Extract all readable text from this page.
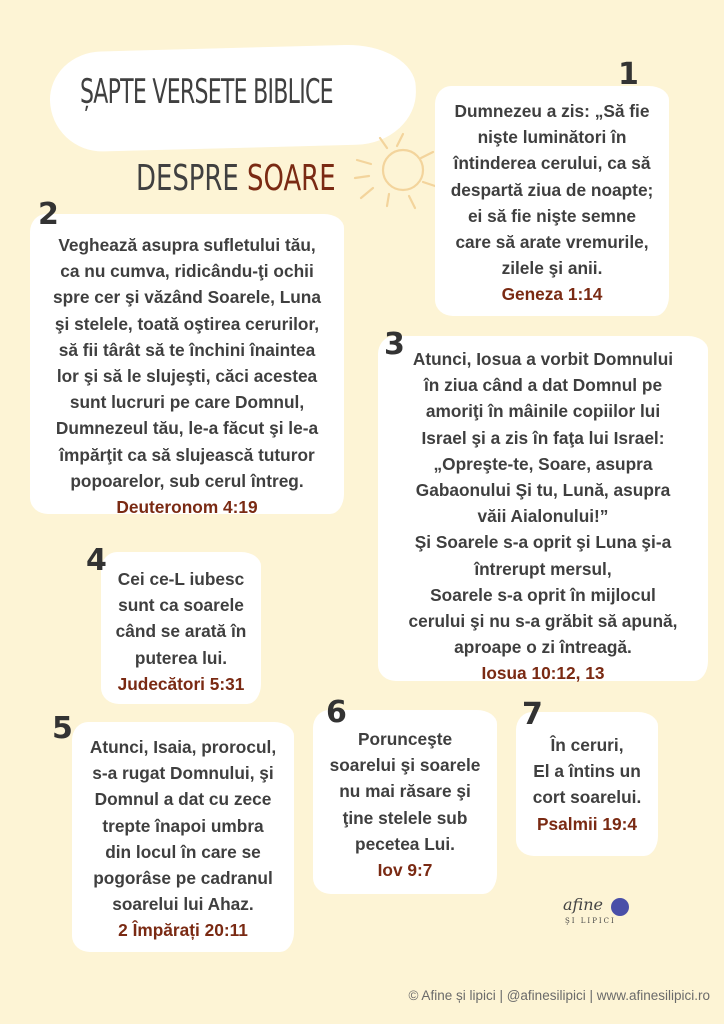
ȘAPTE VERSETE BIBLICE
DESPRE SOARE
1
Dumnezeu a zis: „Să fie
nişte luminători în
întinderea cerului, ca să
despartă ziua de noapte;
ei să fie nişte semne
care să arate vremurile,
zilele şi anii.
Geneza 1:14
2
Veghează asupra sufletului tău,
ca nu cumva, ridicându-ţi ochii
spre cer şi văzând Soarele, Luna
şi stelele, toată oştirea cerurilor,
să fii târât să te închini înaintea
lor şi să le slujeşti, căci acestea
sunt lucruri pe care Domnul,
Dumnezeul tău, le-a făcut şi le-a
împărţit ca să slujească tuturor
popoarelor, sub cerul întreg.
Deuteronom 4:19
3 Atunci, Iosua a vorbit Domnului
în ziua când a dat Domnul pe
amoriţi în mâinile copiilor lui
Israel şi a zis în faţa lui Israel:
„Opreşte-te, Soare, asupra
Gabaonului Şi tu, Lună, asupra
văii Aialonului!”
Şi Soarele s-a oprit şi Luna şi-a
întrerupt mersul,
Soarele s-a oprit în mijlocul
cerului şi nu s-a grăbit să apună,
aproape o zi întreagă.
Iosua 10:12, 13
4
Cei ce-L iubesc
sunt ca soarele
când se arată în
puterea lui.
Judecători 5:31
5
Atunci, Isaia, prorocul,
s-a rugat Domnului, şi
Domnul a dat cu zece
trepte înapoi umbra
din locul în care se
pogorâse pe cadranul
soarelui lui Ahaz.
2 Împărați 20:11
6
Porunceşte
soarelui şi soarele
nu mai răsare şi
ţine stelele sub
pecetea Lui.
Iov 9:7
7
În ceruri,
El a întins un
cort soarelui.
Psalmii 19:4
afine
ŞI LIPICI
© Afine și lipici | @afinesilipici | www.afinesilipici.ro
